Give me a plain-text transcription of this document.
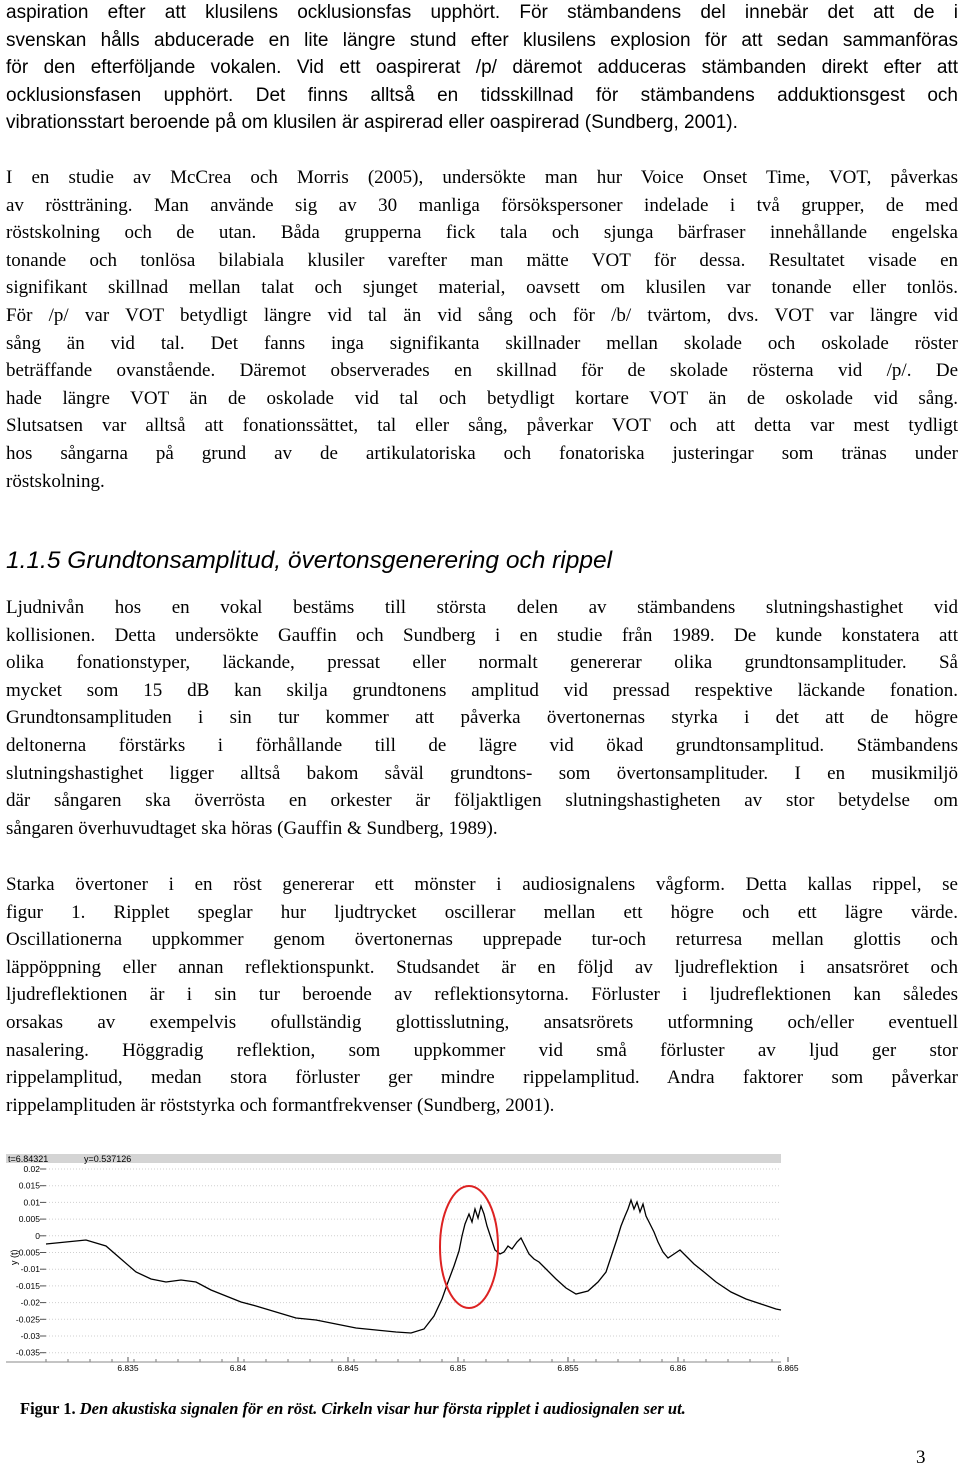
aspiration efter att klusilens ocklusionsfas upphört. För stämbandens del innebär det att de i
svenskan hålls abducerade en lite längre stund efter klusilens explosion för att sedan sammanföras
för den efterföljande vokalen. Vid ett oaspirerat /p/ däremot adduceras stämbanden direkt efter att
ocklusionsfasen upphört. Det finns alltså en tidsskillnad för stämbandens adduktionsgest och
vibrationsstart beroende på om klusilen är aspirerad eller oaspirerad (Sundberg, 2001).
I en studie av McCrea och Morris (2005), undersökte man hur Voice Onset Time, VOT, påverkas
av röstträning. Man använde sig av 30 manliga försökspersoner indelade i två grupper, de med
röstskolning och de utan. Båda grupperna fick tala och sjunga bärfraser innehållande engelska
tonande och tonlösa bilabiala klusiler varefter man mätte VOT för dessa. Resultatet visade en
signifikant skillnad mellan talat och sjunget material, oavsett om klusilen var tonande eller tonlös.
För /p/ var VOT betydligt längre vid tal än vid sång och för /b/ tvärtom, dvs. VOT var längre vid
sång än vid tal. Det fanns inga signifikanta skillnader mellan skolade och oskolade röster
beträffande ovanstående. Däremot observerades en skillnad för de skolade rösterna vid /p/. De
hade längre VOT än de oskolade vid tal och betydligt kortare VOT än de oskolade vid sång.
Slutsatsen var alltså att fonationssättet, tal eller sång, påverkar VOT och att detta var mest tydligt
hos sångarna på grund av de artikulatoriska och fonatoriska justeringar som tränas under
röstskolning.
1.1.5 Grundtonsamplitud, övertonsgenerering och rippel
Ljudnivån hos en vokal bestäms till största delen av stämbandens slutningshastighet vid
kollisionen. Detta undersökte Gauffin och Sundberg i en studie från 1989. De kunde konstatera att
olika fonationstyper, läckande, pressat eller normalt genererar olika grundtonsamplituder. Så
mycket som 15 dB kan skilja grundtonens amplitud vid pressad respektive läckande fonation.
Grundtonsamplituden i sin tur kommer att påverka övertonernas styrka i det att de högre
deltonerna förstärks i förhållande till de lägre vid ökad grundtonsamplitud. Stämbandens
slutningshastighet ligger alltså bakom såväl grundtons- som övertonsamplituder. I en musikmiljö
där sångaren ska överrösta en orkester är följaktligen slutningshastigheten av stor betydelse om
sångaren överhuvudtaget ska höras (Gauffin & Sundberg, 1989).
Starka övertoner i en röst genererar ett mönster i audiosignalens vågform. Detta kallas rippel, se
figur 1. Ripplet speglar hur ljudtrycket oscillerar mellan ett högre och ett lägre värde.
Oscillationerna uppkommer genom övertonernas upprepade tur-och returresa mellan glottis och
läppöppning eller annan reflektionspunkt. Studsandet är en följd av ljudreflektion i ansatsröret och
ljudreflektionen är i sin tur beroende av reflektionsytorna. Förluster i ljudreflektionen kan således
orsakas av exempelvis ofullständig glottisslutning, ansatsrörets utformning och/eller eventuell
nasalering. Höggradig reflektion, som uppkommer vid små förluster av ljud ger stor
rippelamplitud, medan stora förluster ger mindre rippelamplitud. Andra faktorer som påverkar
rippelamplituden är röststyrka och formantfrekvenser (Sundberg, 2001).
t=6.84321	y=0.537126
0.02
0.015
0.01
0.005
0
-0.005
-0.01
-0.015
-0.02
-0.025
-0.03
-0.035
6.835	6.84	6.845	6.85	6.855	6.86	6.865
y (t)

Figur 1. Den akustiska signalen för en röst. Cirkeln visar hur första ripplet i audiosignalen ser ut.

3
